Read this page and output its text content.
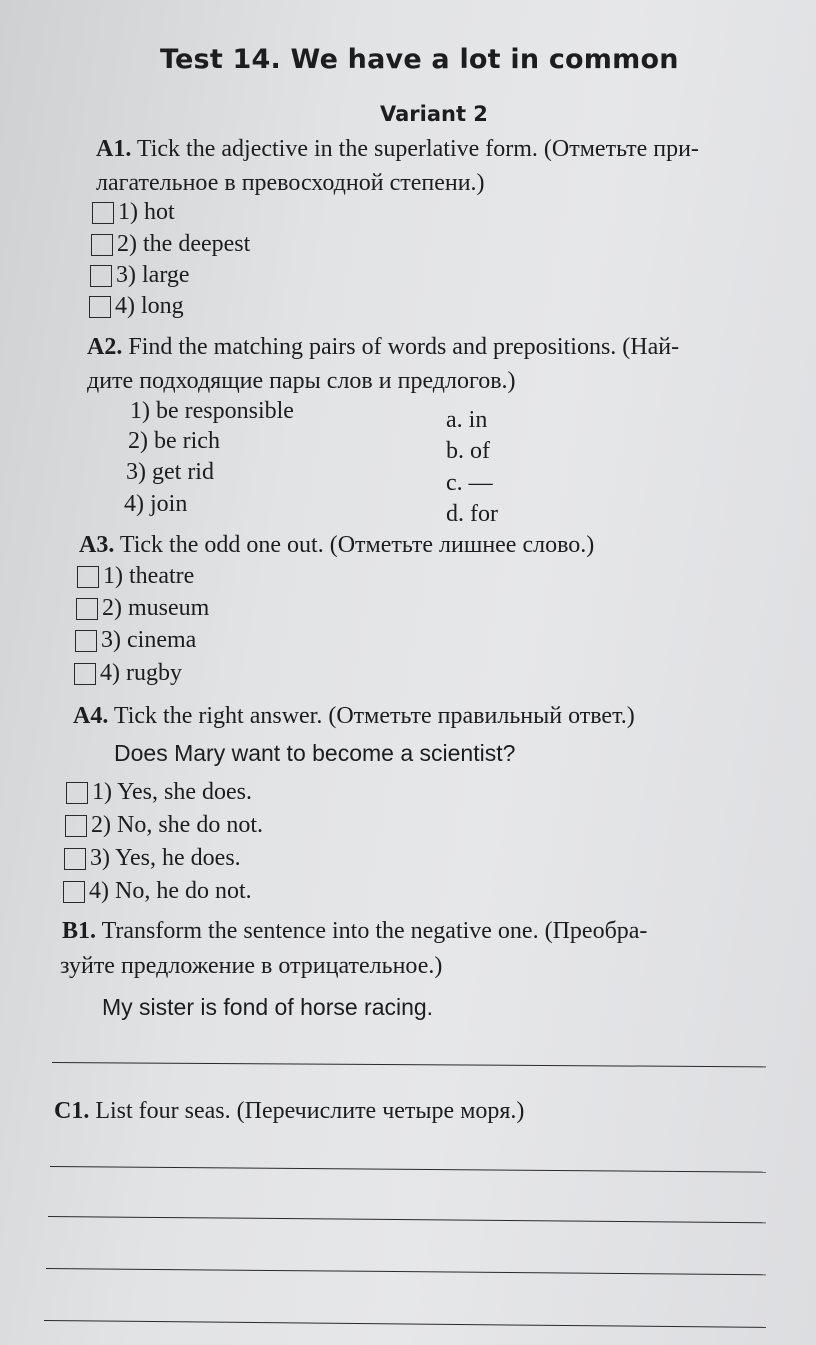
Test 14. We have a lot in common
Variant 2
A1. Tick the adjective in the superlative form. (Отметьте при-
лагательное в превосходной степени.)
1) hot
2) the deepest
3) large
4) long
A2. Find the matching pairs of words and prepositions. (Най-
дите подходящие пары слов и предлогов.)
1) be responsible
2) be rich
3) get rid
4) join
a. in
b. of
c. —
d. for
A3. Tick the odd one out. (Отметьте лишнее слово.)
1) theatre
2) museum
3) cinema
4) rugby
A4. Tick the right answer. (Отметьте правильный ответ.)
Does Mary want to become a scientist?
1) Yes, she does.
2) No, she do not.
3) Yes, he does.
4) No, he do not.
B1. Transform the sentence into the negative one. (Преобра-
зуйте предложение в отрицательное.)
My sister is fond of horse racing.
C1. List four seas. (Перечислите четыре моря.)
